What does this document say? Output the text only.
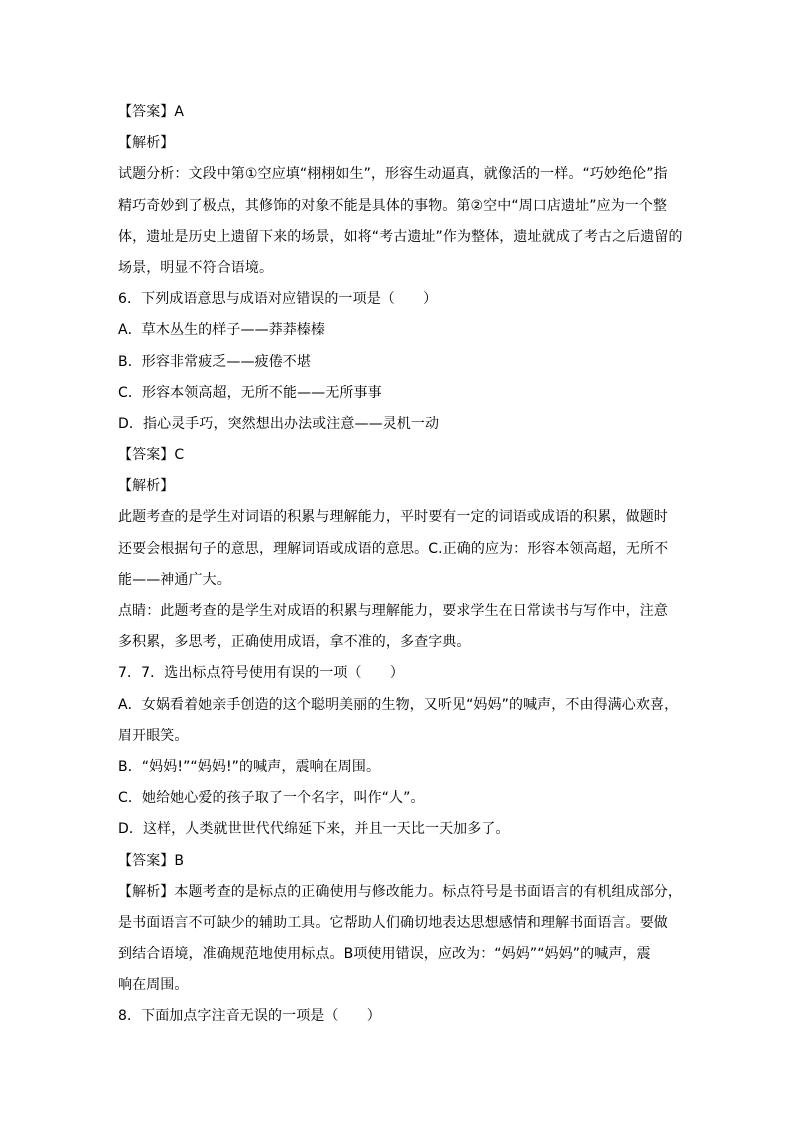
【答案】A
【解析】
试题分析：文段中第①空应填“栩栩如生”，形容生动逼真，就像活的一样。“巧妙绝伦”指
精巧奇妙到了极点，其修饰的对象不能是具体的事物。第②空中“周口店遗址”应为一个整
体，遗址是历史上遗留下来的场景，如将“考古遗址”作为整体，遗址就成了考古之后遗留的
场景，明显不符合语境。
6．下列成语意思与成语对应错误的一项是（　　）
A．草木丛生的样子——莽莽榛榛
B．形容非常疲乏——疲倦不堪
C．形容本领高超，无所不能——无所事事
D．指心灵手巧，突然想出办法或注意——灵机一动
【答案】C
【解析】
此题考查的是学生对词语的积累与理解能力，平时要有一定的词语或成语的积累，做题时
还要会根据句子的意思，理解词语或成语的意思。C.正确的应为：形容本领高超，无所不
能——神通广大。
点睛：此题考查的是学生对成语的积累与理解能力，要求学生在日常读书与写作中，注意
多积累，多思考，正确使用成语，拿不准的，多查字典。
7．7．选出标点符号使用有误的一项（　　）
A．女娲看着她亲手创造的这个聪明美丽的生物，又听见“妈妈”的喊声，不由得满心欢喜，
眉开眼笑。
B．“妈妈!”“妈妈!”的喊声，震响在周围。
C．她给她心爱的孩子取了一个名字，叫作“人”。
D．这样，人类就世世代代绵延下来，并且一天比一天加多了。
【答案】B
【解析】本题考查的是标点的正确使用与修改能力。标点符号是书面语言的有机组成部分，
是书面语言不可缺少的辅助工具。它帮助人们确切地表达思想感情和理解书面语言。要做
到结合语境，准确规范地使用标点。B项使用错误，应改为：“妈妈”“妈妈”的喊声，震
响在周围。
8．下面加点字注音无误的一项是（　　）
